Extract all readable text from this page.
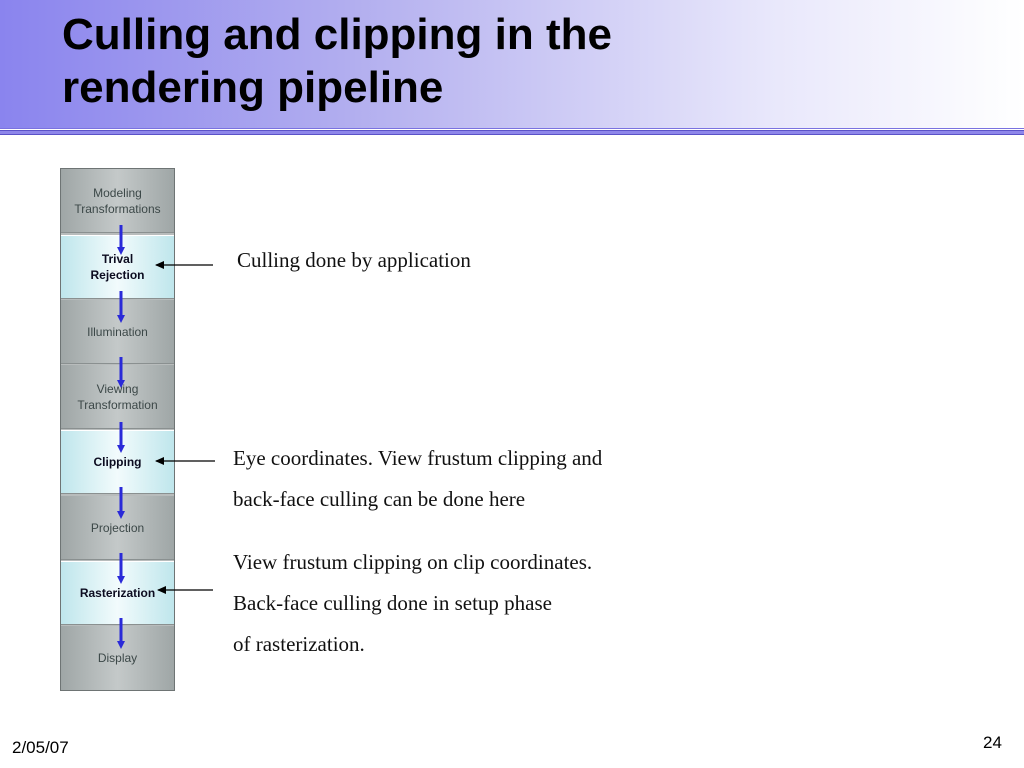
Culling and clipping in the
rendering pipeline
Modeling
Transformations
Trival
Rejection
Illumination
Viewing
Transformation
Clipping
Projection
Rasterization
Display

Culling done by application

Eye coordinates. View frustum clipping and
back-face culling can be done here

View frustum clipping on clip coordinates.
Back-face culling done in setup phase
of rasterization.

2/05/07	24
